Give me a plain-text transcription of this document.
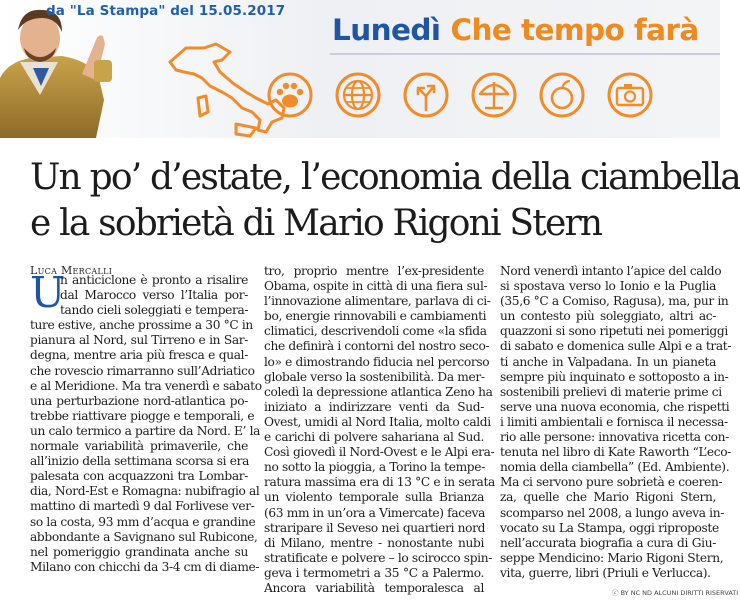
da "La Stampa" del 15.05.2017
Lunedì Che tempo farà
Un po’ d’estate, l’economia della ciambella
e la sobrietà di Mario Rigoni Stern
Luca Mercalli
U
n anticiclone è pronto a risalire
dal Marocco verso l’Italia por-
tando cieli soleggiati e tempera-
ture estive, anche prossime a 30 °C in
pianura al Nord, sul Tirreno e in Sar-
degna, mentre aria più fresca e qual-
che rovescio rimarranno sull’Adriatico
e al Meridione. Ma tra venerdì e sabato
una perturbazione nord-atlantica po-
trebbe riattivare piogge e temporali, e
un calo termico a partire da Nord. E’ la
normale variabilità primaverile, che
all’inizio della settimana scorsa si era
palesata con acquazzoni tra Lombar-
dia, Nord-Est e Romagna: nubifragio al
mattino di martedì 9 dal Forlivese ver-
so la costa, 93 mm d’acqua e grandine
abbondante a Savignano sul Rubicone,
nel pomeriggio grandinata anche su
Milano con chicchi da 3-4 cm di diame-
tro, proprio mentre l’ex-presidente
Obama, ospite in città di una fiera sul-
l’innovazione alimentare, parlava di ci-
bo, energie rinnovabili e cambiamenti
climatici, descrivendoli come «la sfida
che definirà i contorni del nostro seco-
lo» e dimostrando fiducia nel percorso
globale verso la sostenibilità. Da mer-
coledì la depressione atlantica Zeno ha
iniziato a indirizzare venti da Sud-
Ovest, umidi al Nord Italia, molto caldi
e carichi di polvere sahariana al Sud.
Così giovedì il Nord-Ovest e le Alpi era-
no sotto la pioggia, a Torino la tempe-
ratura massima era di 13 °C e in serata
un violento temporale sulla Brianza
(63 mm in un’ora a Vimercate) faceva
straripare il Seveso nei quartieri nord
di Milano, mentre - nonostante nubi
stratificate e polvere – lo scirocco spin-
geva i termometri a 35 °C a Palermo.
Ancora variabilità temporalesca al
Nord venerdì intanto l’apice del caldo
si spostava verso lo Ionio e la Puglia
(35,6 °C a Comiso, Ragusa), ma, pur in
un contesto più soleggiato, altri ac-
quazzoni si sono ripetuti nei pomeriggi
di sabato e domenica sulle Alpi e a trat-
ti anche in Valpadana. In un pianeta
sempre più inquinato e sottoposto a in-
sostenibili prelievi di materie prime ci
serve una nuova economia, che rispetti
i limiti ambientali e fornisca il necessa-
rio alle persone: innovativa ricetta con-
tenuta nel libro di Kate Raworth “L’eco-
nomia della ciambella” (Ed. Ambiente).
Ma ci servono pure sobrietà e coeren-
za, quelle che Mario Rigoni Stern,
scomparso nel 2008, a lungo aveva in-
vocato su La Stampa, oggi riproposte
nell’accurata biografia a cura di Giu-
seppe Mendicino: Mario Rigoni Stern,
vita, guerre, libri (Priuli e Verlucca).
ⓒ BY NC ND ALCUNI DIRITTI RISERVATI
